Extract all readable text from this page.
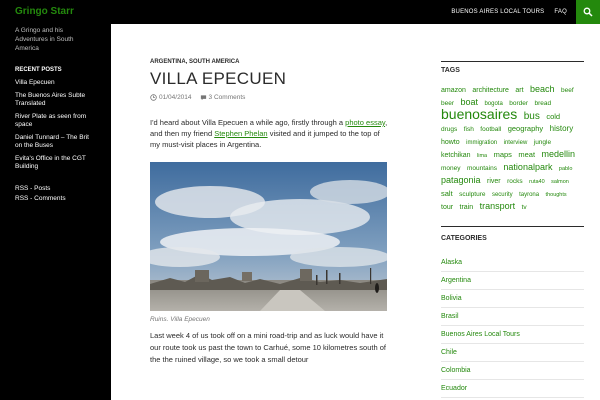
Gringo Starr	BUENOS AIRES LOCAL TOURS FAQ
A Gringo and his Adventures in South America
RECENT POSTS
Villa Epecuen
The Buenos Aires Subte Translated
River Plate as seen from space
Daniel Tunnard – The Brit on the Buses
Evita's Office in the CGT Building
RSS - Posts
RSS - Comments
ARGENTINA, SOUTH AMERICA
VILLA EPECUEN
01/04/2014	3 Comments

I'd heard about Villa Epecuen a while ago, firstly through a photo essay, and then my friend Stephen Phelan visited and it jumped to the top of my must-visit places in Argentina.

Ruins. Villa Epecuen

Last week 4 of us took off on a mini road-trip and as luck would have it our route took us past the town to Carhué, some 10 kilometres south of the the ruined village, so we took a small detour

TAGS
amazon architecture art beach beef beer boat bogota border bread buenosaires bus cold drugs fish football geography history howto immigration interview jungle ketchikan lima maps meat medellin money mountains nationalpark pablo patagonia river rocks ruta40 salmon salt sculpture security tayrona thoughts tour train transport tv
CATEGORIES
Alaska
Argentina
Bolivia
Brasil
Buenos Aires Local Tours
Chile
Colombia
Ecuador
